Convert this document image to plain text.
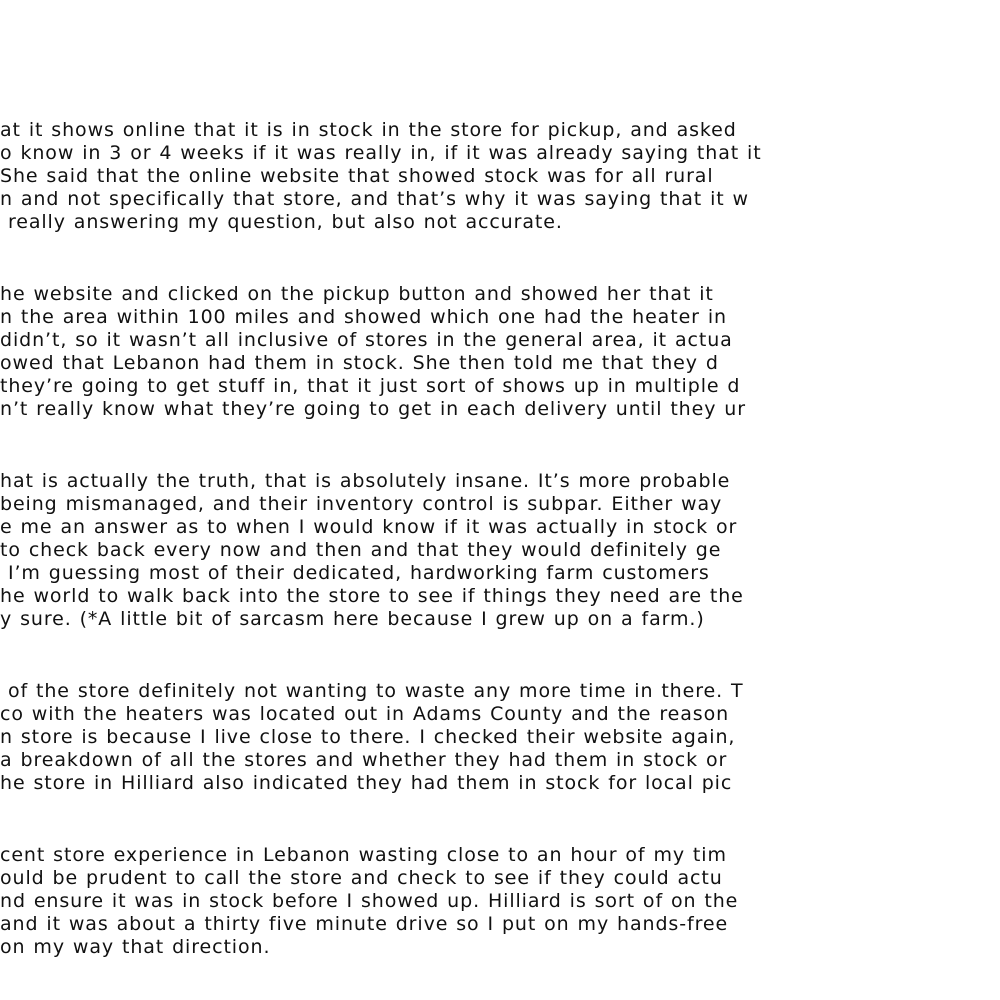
at it shows online that it is in stock in the store for pickup, and asked
o know in 3 or 4 weeks if it was really in, if it was already saying that it
She said that the online website that showed stock was for all rural
n and not specifically that store, and that’s why it was saying that it w
really answering my question, but also not accurate.
he website and clicked on the pickup button and showed her that it
n the area within 100 miles and showed which one had the heater in
didn’t, so it wasn’t all inclusive of stores in the general area, it actua
owed that Lebanon had them in stock. She then told me that they d
they’re going to get stuff in, that it just sort of shows up in multiple d
n’t really know what they’re going to get in each delivery until they ur
hat is actually the truth, that is absolutely insane. It’s more probable
being mismanaged, and their inventory control is subpar. Either way
e me an answer as to when I would know if it was actually in stock or
to check back every now and then and that they would definitely ge
I’m guessing most of their dedicated, hardworking farm customers
he world to walk back into the store to see if things they need are the
y sure. (*A little bit of sarcasm here because I grew up on a farm.)
of the store definitely not wanting to waste any more time in there. T
co with the heaters was located out in Adams County and the reason
n store is because I live close to there. I checked their website again,
a breakdown of all the stores and whether they had them in stock or
he store in Hilliard also indicated they had them in stock for local pic
cent store experience in Lebanon wasting close to an hour of my tim
ould be prudent to call the store and check to see if they could actu
nd ensure it was in stock before I showed up. Hilliard is sort of on the
and it was about a thirty five minute drive so I put on my hands-free
on my way that direction.
